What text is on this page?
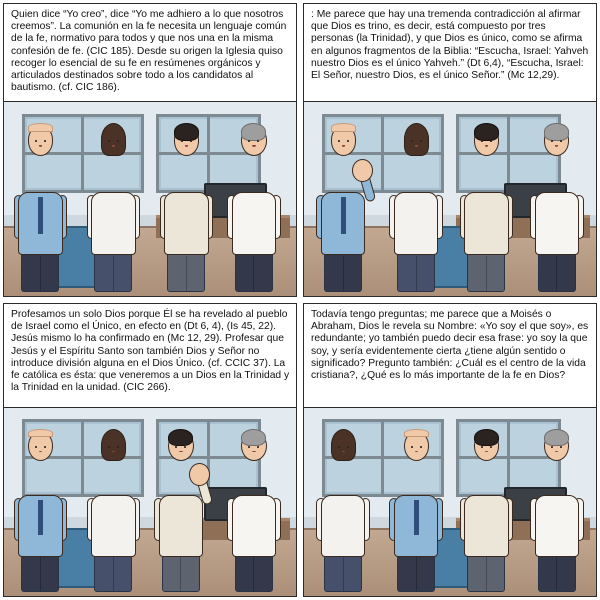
Quien dice “Yo creo”, dice “Yo me adhiero a lo que nosotros creemos”. La comunión en la fe necesita un lenguaje común de la fe, normativo para todos y que nos una en la misma confesión de fe. (CIC 185). Desde su origen la Iglesia quiso recoger lo esencial de su fe en resúmenes orgánicos y articulados destinados sobre todo a los candidatos al bautismo. (cf. CIC 186).
: Me parece que hay una tremenda contradicción al afirmar que Dios es trino, es decir, está compuesto por tres personas (la Trinidad), y que Dios es único, como se afirma en algunos fragmentos de la Biblia: “Escucha, Israel: Yahveh nuestro Dios es el único Yahveh.” (Dt 6,4), “Escucha, Israel: El Señor, nuestro Dios, es el único Señor.” (Mc 12,29).
Profesamos un solo Dios porque Él se ha revelado al pueblo de Israel como el Único, en efecto en (Dt 6, 4), (Is 45, 22). Jesús mismo lo ha confirmado en (Mc 12, 29). Profesar que Jesús y el Espíritu Santo son también Dios y Señor no introduce división alguna en el Dios Único. (cf. CCIC 37). La fe católica es ésta: que veneremos a un Dios en la Trinidad y la Trinidad en la unidad. (CIC 266).
Todavía tengo preguntas; me parece que a Moisés o Abraham, Dios le revela su Nombre: «Yo soy el que soy», es redundante; yo también puedo decir esa frase: yo soy la que soy, y sería evidentemente cierta ¿tiene algún sentido o significado? Pregunto también: ¿Cuál es el centro de la vida cristiana?, ¿Qué es lo más importante de la fe en Dios?
